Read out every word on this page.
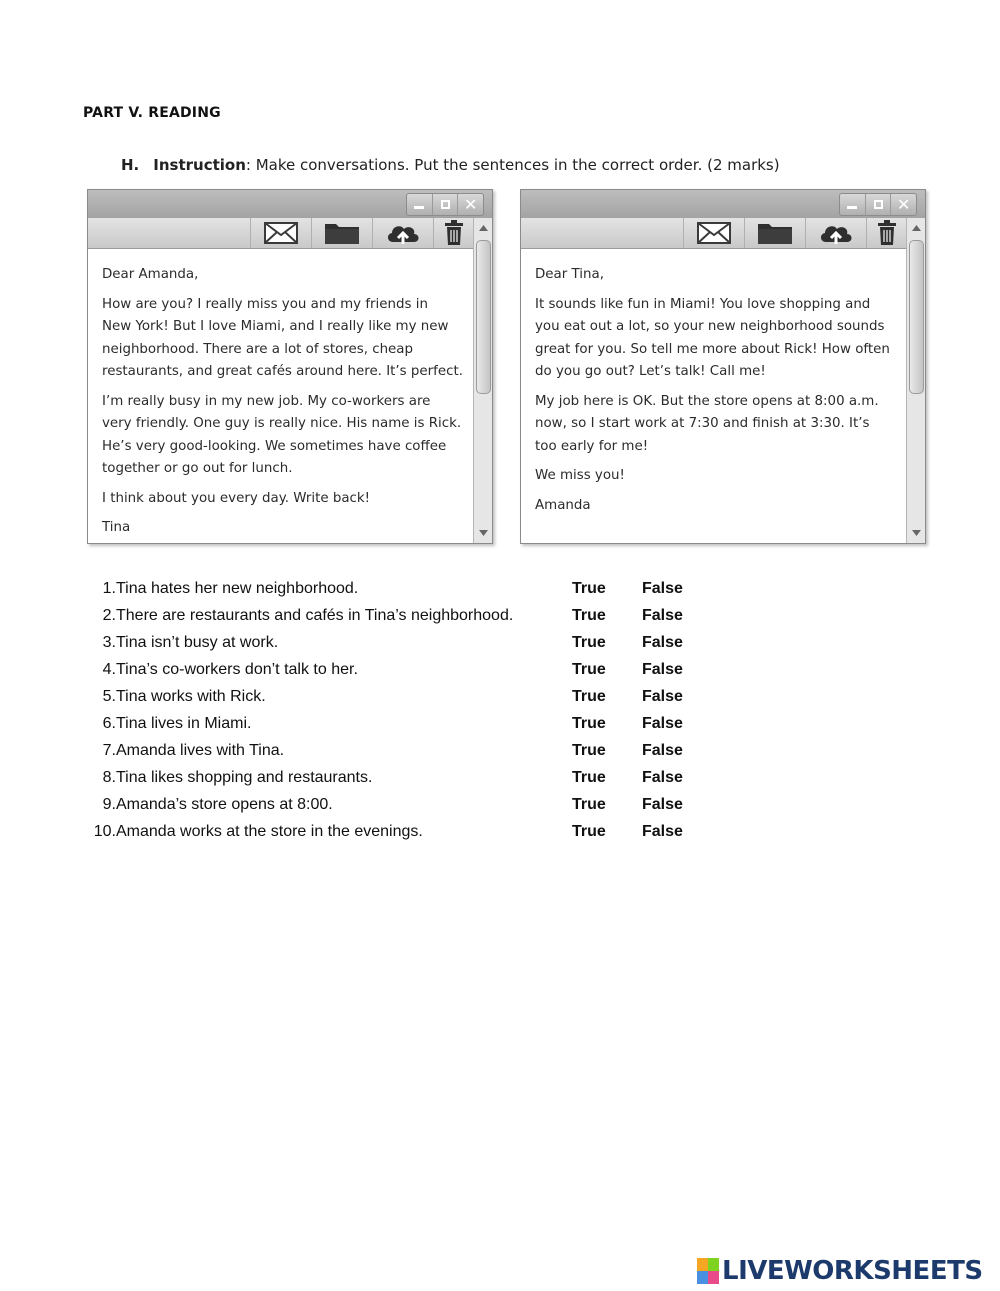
PART V. READING
H. Instruction: Make conversations. Put the sentences in the correct order. (2 marks)
✕

Dear Amanda,

How are you? I really miss you and my friends in
New York! But I love Miami, and I really like my new
neighborhood. There are a lot of stores, cheap
restaurants, and great cafés around here. It’s perfect.

I’m really busy in my new job. My co-workers are
very friendly. One guy is really nice. His name is Rick.
He’s very good-looking. We sometimes have coffee
together or go out for lunch.

I think about you every day. Write back!

Tina

✕

Dear Tina,

It sounds like fun in Miami! You love shopping and
you eat out a lot, so your new neighborhood sounds
great for you. So tell me more about Rick! How often
do you go out? Let’s talk! Call me!

My job here is OK. But the store opens at 8:00 a.m.
now, so I start work at 7:30 and finish at 3:30. It’s
too early for me!

We miss you!

Amanda

1. Tina hates her new neighborhood.	True False
2. There are restaurants and cafés in Tina’s neighborhood.	True False
3. Tina isn’t busy at work.	True False
4. Tina’s co-workers don’t talk to her.	True False
5. Tina works with Rick.	True False
6. Tina lives in Miami.	True False
7. Amanda lives with Tina.	True False
8. Tina likes shopping and restaurants.	True False
9. Amanda’s store opens at 8:00.	True False
10. Amanda works at the store in the evenings.	True False
LIVEWORKSHEETS
